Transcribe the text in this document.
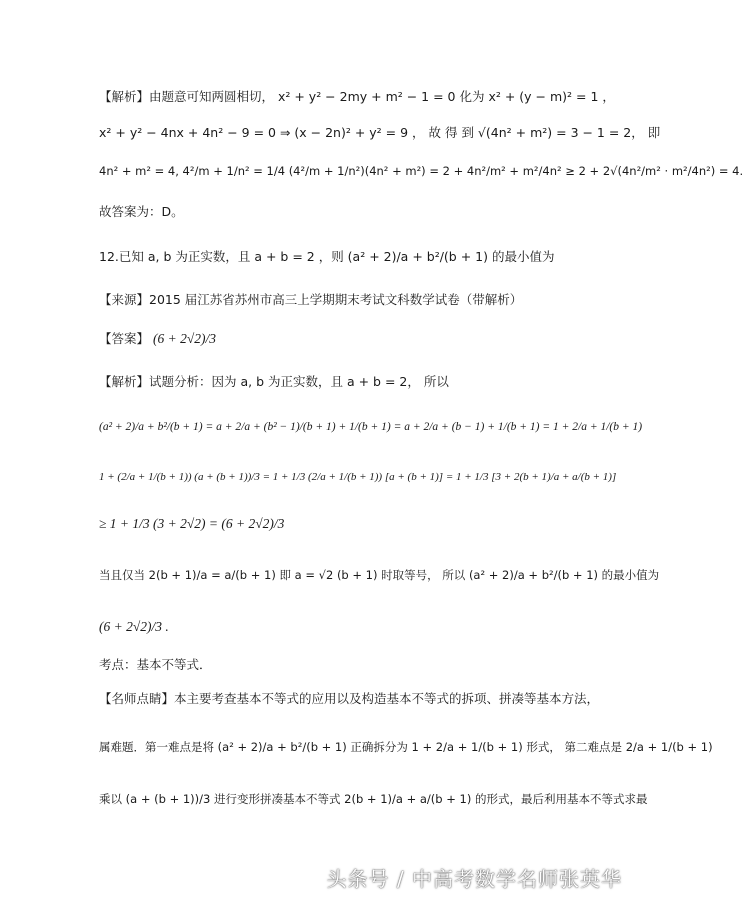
【解析】由题意可知两圆相切， x² + y² − 2my + m² − 1 = 0 化为 x² + (y − m)² = 1 ，
x² + y² − 4nx + 4n² − 9 = 0 ⇒ (x − 2n)² + y² = 9 ， 故 得 到 √(4n² + m²) = 3 − 1 = 2， 即
4n² + m² = 4, 4²/m + 1/n² = 1/4 (4²/m + 1/n²)(4n² + m²) = 2 + 4n²/m² + m²/4n² ≥ 2 + 2√(4n²/m² · m²/4n²) = 4.
故答案为：D。
12.已知 a, b 为正实数，且 a + b = 2 ，则 (a² + 2)/a + b²/(b + 1) 的最小值为
【来源】2015 届江苏省苏州市高三上学期期末考试文科数学试卷（带解析）
【答案】 (6 + 2√2)/3
【解析】试题分析：因为 a, b 为正实数，且 a + b = 2， 所以
(a² + 2)/a + b²/(b + 1) = a + 2/a + (b² − 1)/(b + 1) + 1/(b + 1) = a + 2/a + (b − 1) + 1/(b + 1) = 1 + 2/a + 1/(b + 1)
1 + (2/a + 1/(b + 1)) (a + (b + 1))/3 = 1 + 1/3 (2/a + 1/(b + 1)) [a + (b + 1)] = 1 + 1/3 [3 + 2(b + 1)/a + a/(b + 1)]
≥ 1 + 1/3 (3 + 2√2) = (6 + 2√2)/3
当且仅当 2(b + 1)/a = a/(b + 1) 即 a = √2 (b + 1) 时取等号， 所以 (a² + 2)/a + b²/(b + 1) 的最小值为
(6 + 2√2)/3 .
考点：基本不等式．
【名师点睛】本主要考查基本不等式的应用以及构造基本不等式的拆项、拼凑等基本方法，
属难题．第一难点是将 (a² + 2)/a + b²/(b + 1) 正确拆分为 1 + 2/a + 1/(b + 1) 形式， 第二难点是 2/a + 1/(b + 1)
乘以 (a + (b + 1))/3 进行变形拼凑基本不等式 2(b + 1)/a + a/(b + 1) 的形式，最后利用基本不等式求最
头条号 / 中高考数学名师张英华
